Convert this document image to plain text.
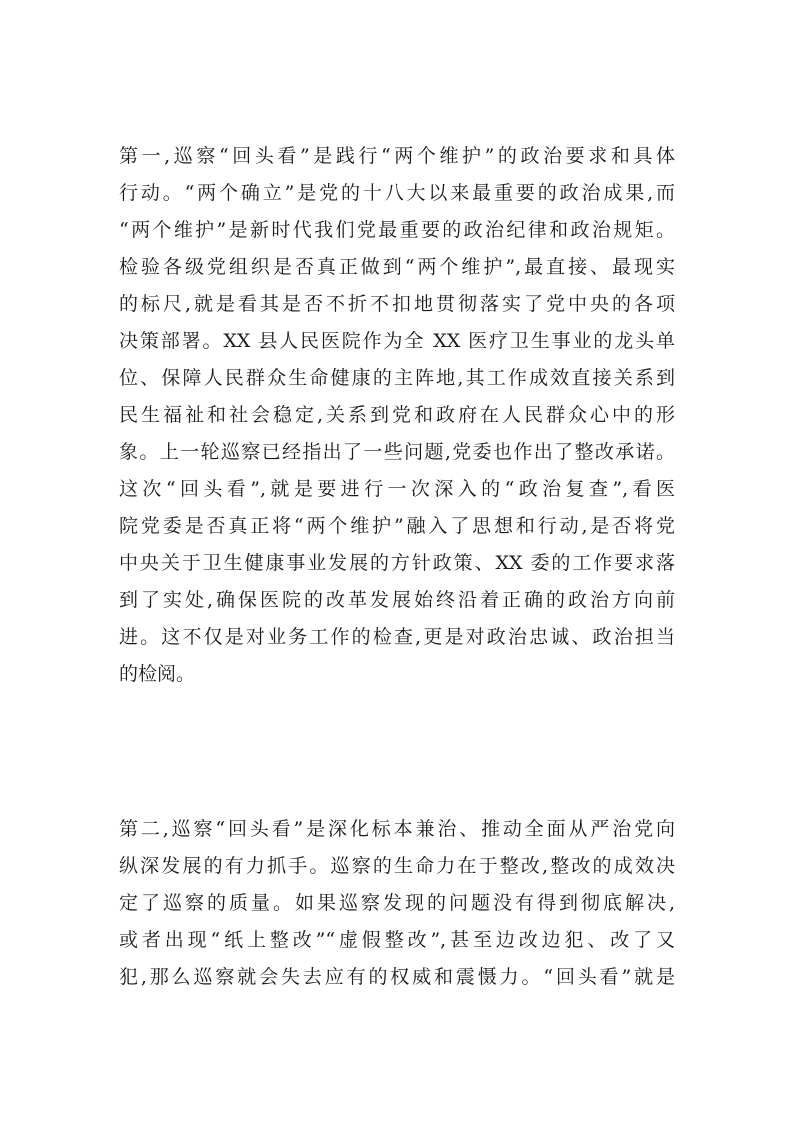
第一,巡察“回头看”是践行“两个维护”的政治要求和具体
行动。“两个确立”是党的十八大以来最重要的政治成果,而
“两个维护”是新时代我们党最重要的政治纪律和政治规矩。
检验各级党组织是否真正做到“两个维护”,最直接、最现实
的标尺,就是看其是否不折不扣地贯彻落实了党中央的各项
决策部署。XX 县人民医院作为全 XX 医疗卫生事业的龙头单
位、保障人民群众生命健康的主阵地,其工作成效直接关系到
民生福祉和社会稳定,关系到党和政府在人民群众心中的形
象。上一轮巡察已经指出了一些问题,党委也作出了整改承诺。
这次“回头看”,就是要进行一次深入的“政治复查”,看医
院党委是否真正将“两个维护”融入了思想和行动,是否将党
中央关于卫生健康事业发展的方针政策、XX 委的工作要求落
到了实处,确保医院的改革发展始终沿着正确的政治方向前
进。这不仅是对业务工作的检查,更是对政治忠诚、政治担当
的检阅。
第二,巡察“回头看”是深化标本兼治、推动全面从严治党向
纵深发展的有力抓手。巡察的生命力在于整改,整改的成效决
定了巡察的质量。如果巡察发现的问题没有得到彻底解决,
或者出现“纸上整改”“虚假整改”,甚至边改边犯、改了又
犯,那么巡察就会失去应有的权威和震慑力。“回头看”就是
